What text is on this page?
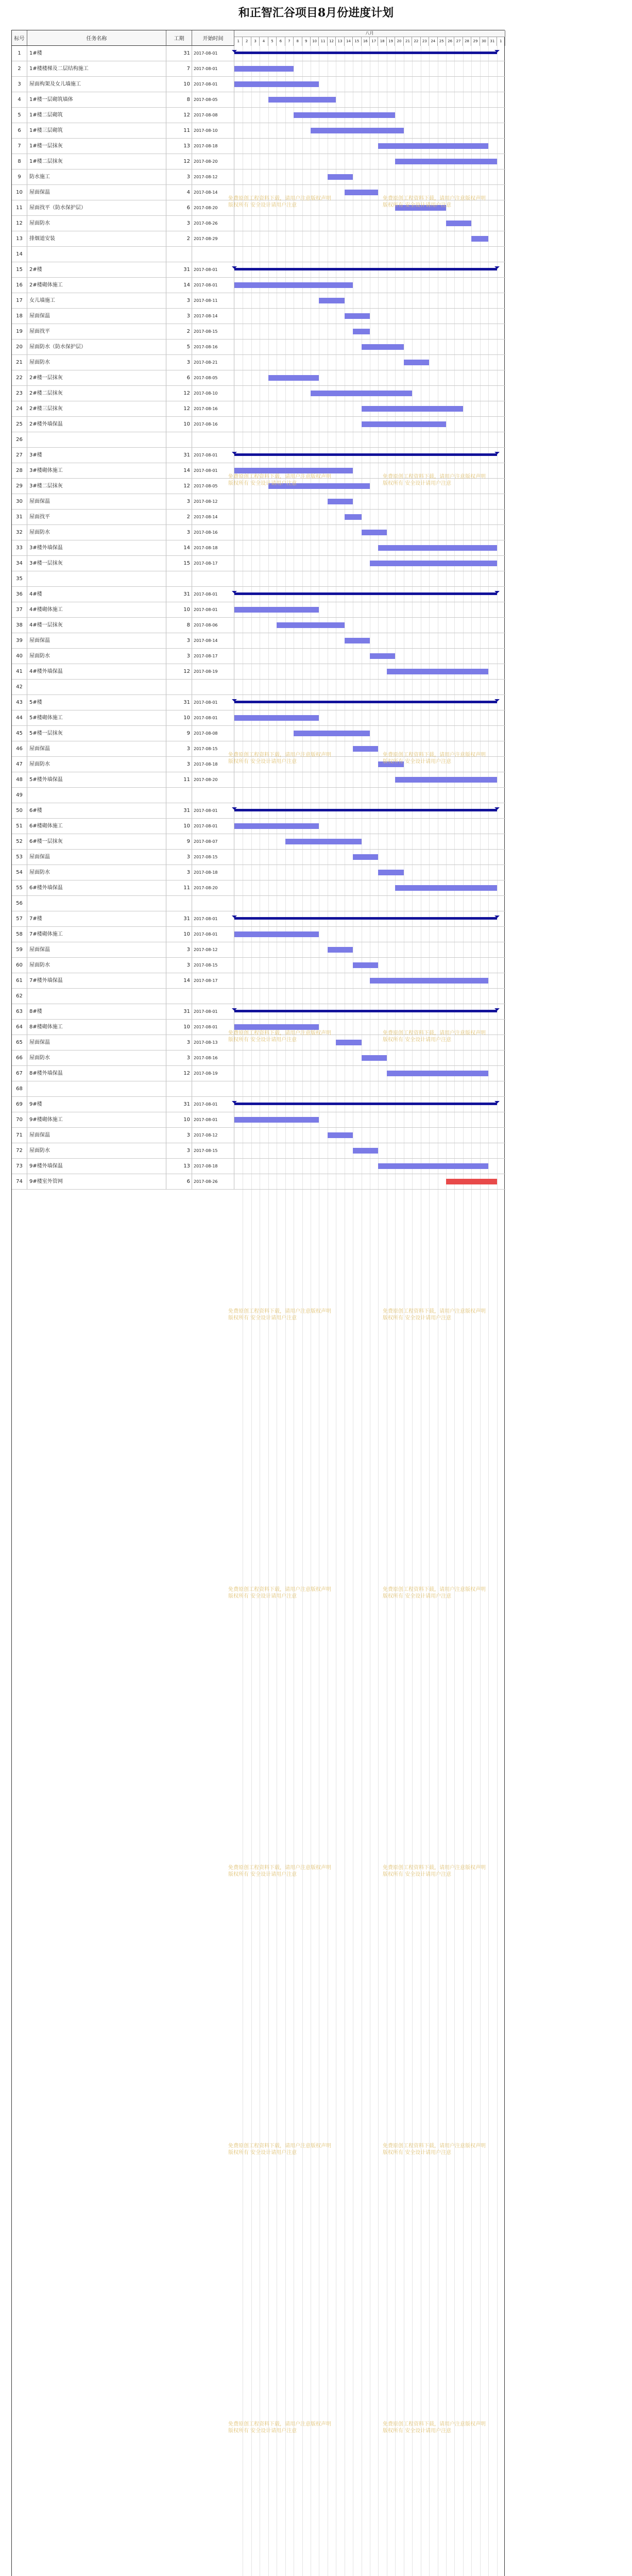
和正智汇谷项目8月份进度计划
标号	任务名称	工期	开始时间
八月
1	2	3	4	5	6	7	8	9	10	11	12	13	14	15	16	17	18	19	20	21	22	23	24	25	26	27	28	29	30	31	1
1	1#楼	31 2017-08-01
2	1#楼楼梯及二层结构施工	7 2017-08-01
3	屋面构架及女儿墙施工	10 2017-08-01
4	1#楼一层砌筑墙体	8 2017-08-05
5	1#楼二层砌筑	12 2017-08-08
6	1#楼三层砌筑	11 2017-08-10
7	1#楼一层抹灰	13 2017-08-18
8	1#楼二层抹灰	12 2017-08-20
9	防水施工	3 2017-08-12
10	屋面保温	4 2017-08-14
11	屋面找平（防水保护层）	6 2017-08-20
12	屋面防水	3 2017-08-26
13	排烟道安装	2 2017-08-29
14
15	2#楼	31 2017-08-01
16	2#楼砌体施工	14 2017-08-01
17	女儿墙施工	3 2017-08-11
18	屋面保温	3 2017-08-14
19	屋面找平	2 2017-08-15
20	屋面防水（防水保护层）	5 2017-08-16
21	屋面防水	3 2017-08-21
22	2#楼一层抹灰	6 2017-08-05
23	2#楼二层抹灰	12 2017-08-10
24	2#楼三层抹灰	12 2017-08-16
25	2#楼外墙保温	10 2017-08-16
26
27	3#楼	31 2017-08-01
28	3#楼砌体施工	14 2017-08-01
29	3#楼二层抹灰	12 2017-08-05
30	屋面保温	3 2017-08-12
31	屋面找平	2 2017-08-14
32	屋面防水	3 2017-08-16
33	3#楼外墙保温	14 2017-08-18
34	3#楼一层抹灰	15 2017-08-17
35
36	4#楼	31 2017-08-01
37	4#楼砌体施工	10 2017-08-01
38	4#楼一层抹灰	8 2017-08-06
39	屋面保温	3 2017-08-14
40	屋面防水	3 2017-08-17
41	4#楼外墙保温	12 2017-08-19
42
43	5#楼	31 2017-08-01
44	5#楼砌体施工	10 2017-08-01
45	5#楼一层抹灰	9 2017-08-08
46	屋面保温	3 2017-08-15
47	屋面防水	3 2017-08-18
48	5#楼外墙保温	11 2017-08-20
49
50	6#楼	31 2017-08-01
51	6#楼砌体施工	10 2017-08-01
52	6#楼一层抹灰	9 2017-08-07
53	屋面保温	3 2017-08-15
54	屋面防水	3 2017-08-18
55	6#楼外墙保温	11 2017-08-20
56
57	7#楼	31 2017-08-01
58	7#楼砌体施工	10 2017-08-01
59	屋面保温	3 2017-08-12
60	屋面防水	3 2017-08-15
61	7#楼外墙保温	14 2017-08-17
62
63	8#楼	31 2017-08-01
64	8#楼砌体施工	10 2017-08-01
65	屋面保温	3 2017-08-13
66	屋面防水	3 2017-08-16
67	8#楼外墙保温	12 2017-08-19
68
69	9#楼	31 2017-08-01
70	9#楼砌体施工	10 2017-08-01
71	屋面保温	3 2017-08-12
72	屋面防水	3 2017-08-15
73	9#楼外墙保温	13 2017-08-18
74	9#楼室外管网	6 2017-08-26
免费原创工程资料下载，请用户注意版权声明
版权所有 安全设计请用户注意
免费原创工程资料下载，请用户注意版权声明
版权所有 安全设计请用户注意
免费原创工程资料下载，请用户注意版权声明
版权所有 安全设计请用户注意
免费原创工程资料下载，请用户注意版权声明
版权所有 安全设计请用户注意
免费原创工程资料下载，请用户注意版权声明
版权所有 安全设计请用户注意
免费原创工程资料下载，请用户注意版权声明
版权所有 安全设计请用户注意
免费原创工程资料下载，请用户注意版权声明
版权所有 安全设计请用户注意
免费原创工程资料下载，请用户注意版权声明
版权所有 安全设计请用户注意
免费原创工程资料下载，请用户注意版权声明
版权所有 安全设计请用户注意
免费原创工程资料下载，请用户注意版权声明
版权所有 安全设计请用户注意
免费原创工程资料下载，请用户注意版权声明
版权所有 安全设计请用户注意
免费原创工程资料下载，请用户注意版权声明
版权所有 安全设计请用户注意
免费原创工程资料下载，请用户注意版权声明
版权所有 安全设计请用户注意
免费原创工程资料下载，请用户注意版权声明
版权所有 安全设计请用户注意
免费原创工程资料下载，请用户注意版权声明
版权所有 安全设计请用户注意
免费原创工程资料下载，请用户注意版权声明
版权所有 安全设计请用户注意
免费原创工程资料下载，请用户注意版权声明
版权所有 安全设计请用户注意
免费原创工程资料下载，请用户注意版权声明
版权所有 安全设计请用户注意
